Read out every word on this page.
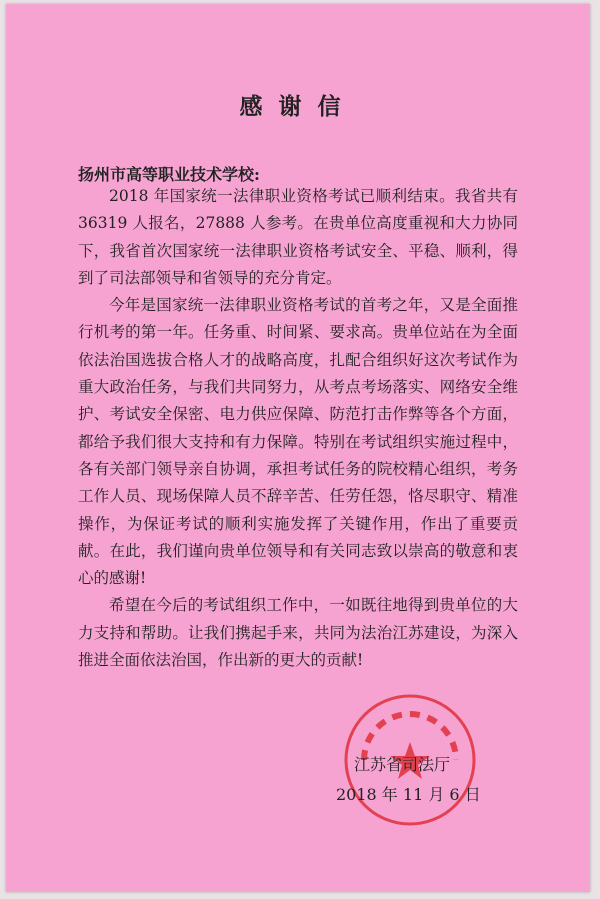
感谢信
扬州市高等职业技术学校:

2018 年国家统一法律职业资格考试已顺利结束。我省共有 36319 人报名，27888 人参考。在贵单位高度重视和大力协同下，我省首次国家统一法律职业资格考试安全、平稳、顺利，得到了司法部领导和省领导的充分肯定。

今年是国家统一法律职业资格考试的首考之年，又是全面推行机考的第一年。任务重、时间紧、要求高。贵单位站在为全面依法治国选拔合格人才的战略高度，扎配合组织好这次考试作为重大政治任务，与我们共同努力，从考点考场落实、网络安全维护、考试安全保密、电力供应保障、防范打击作弊等各个方面，都给予我们很大支持和有力保障。特别在考试组织实施过程中，各有关部门领导亲自协调，承担考试任务的院校精心组织，考务工作人员、现场保障人员不辞辛苦、任劳任怨，恪尽职守、精准操作，为保证考试的顺利实施发挥了关键作用，作出了重要贡献。在此，我们谨向贵单位领导和有关同志致以崇高的敬意和衷心的感谢!

希望在今后的考试组织工作中，一如既往地得到贵单位的大力支持和帮助。让我们携起手来，共同为法治江苏建设，为深入推进全面依法治国，作出新的更大的贡献!

江苏省司法厅
2018 年 11 月 6 日
